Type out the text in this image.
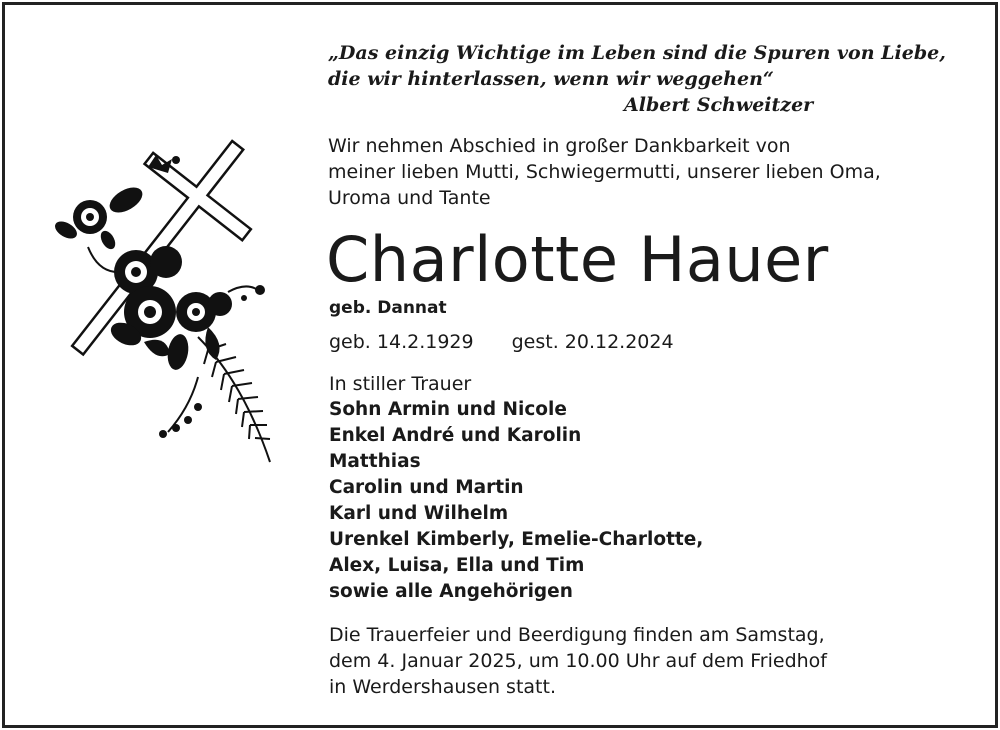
„Das einzig Wichtige im Leben sind die Spuren von Liebe,
die wir hinterlassen, wenn wir weggehen“

Albert Schweitzer
Wir nehmen Abschied in großer Dankbarkeit von
meiner lieben Mutti, Schwiegermutti, unserer lieben Oma,
Uroma und Tante
Charlotte Hauer
geb. Dannat
geb. 14.2.1929 gest. 20.12.2024
In stiller Trauer
Sohn Armin und Nicole
Enkel André und Karolin
Matthias
Carolin und Martin
Karl und Wilhelm
Urenkel Kimberly, Emelie-Charlotte,
Alex, Luisa, Ella und Tim
sowie alle Angehörigen
Die Trauerfeier und Beerdigung finden am Samstag,
dem 4. Januar 2025, um 10.00 Uhr auf dem Friedhof
in Werdershausen statt.
